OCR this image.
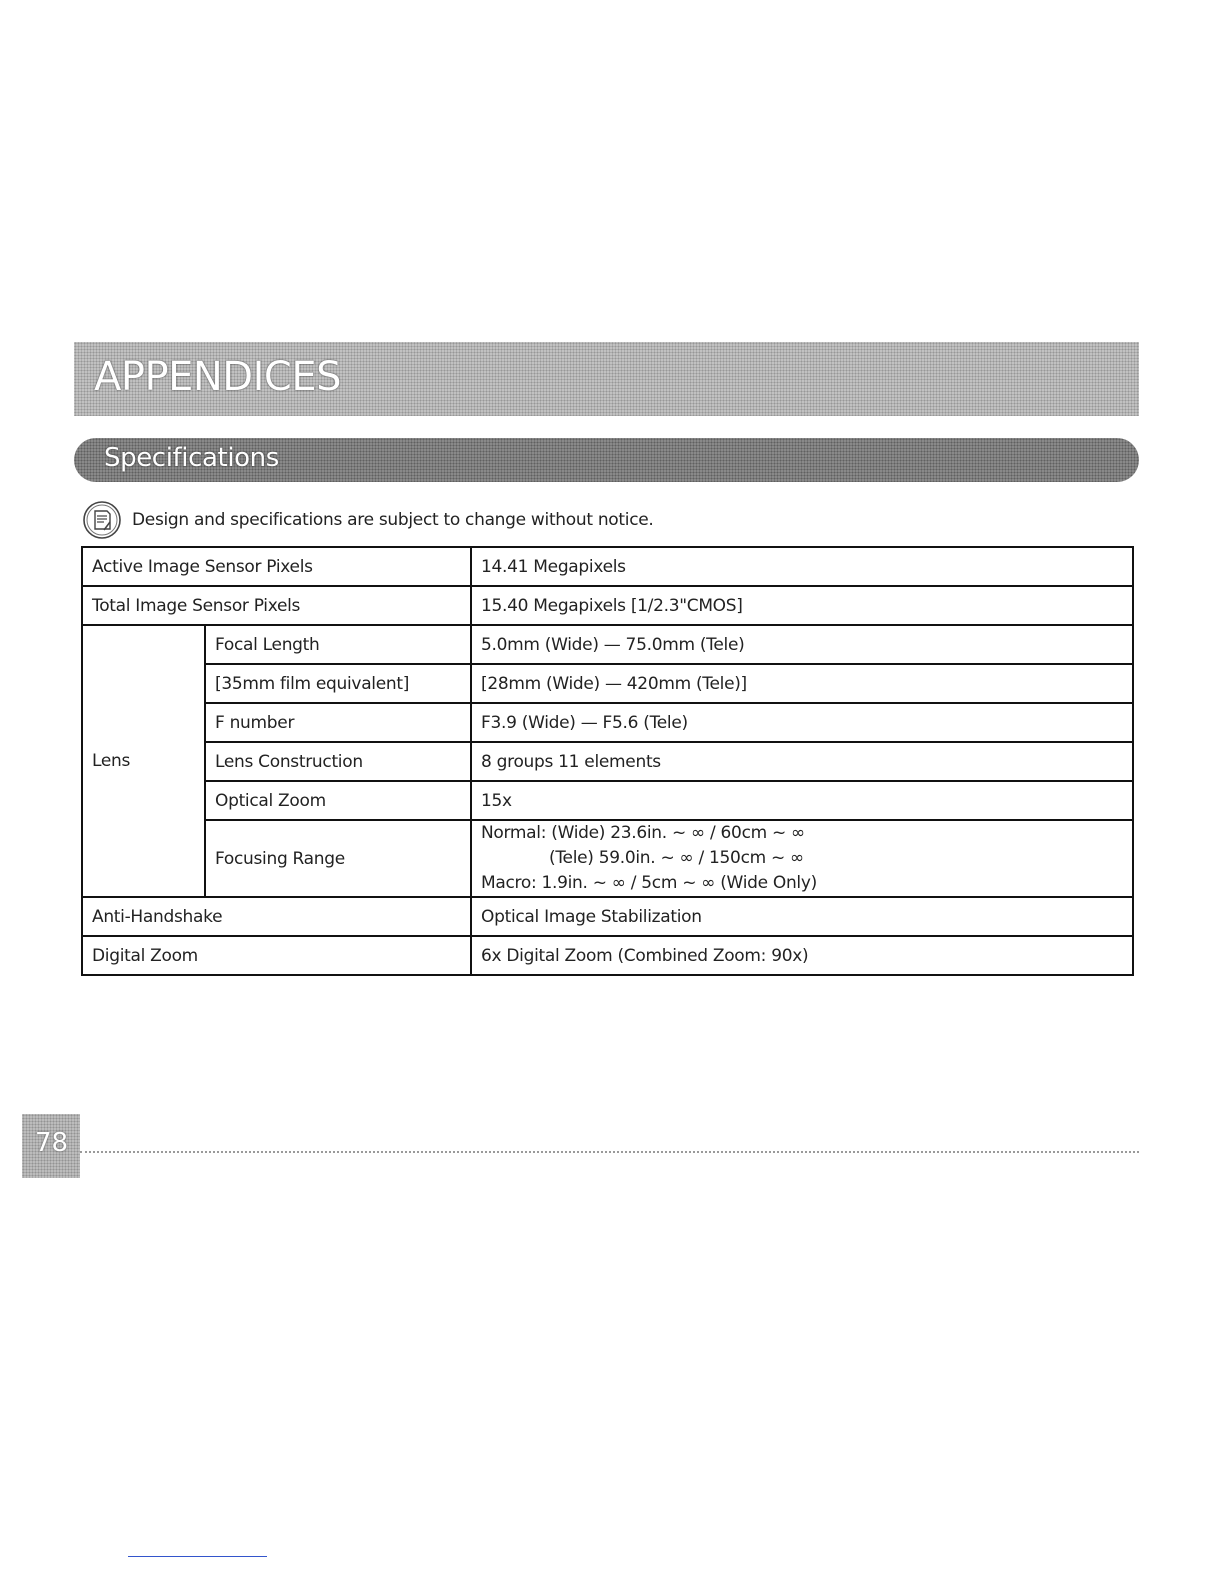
APPENDICES
Specifications
Design and specifications are subject to change without notice.
Active Image Sensor Pixels		14.41 Megapixels
Total Image Sensor Pixels		15.40 Megapixels [1/2.3"CMOS]
Lens	Focal Length	5.0mm (Wide) — 75.0mm (Tele)
	[35mm film equivalent]	[28mm (Wide) — 420mm (Tele)]
	F number	F3.9 (Wide) — F5.6 (Tele)
	Lens Construction	8 groups 11 elements
	Optical Zoom	15x
	Focusing Range	Normal: (Wide) 23.6in. ~ ∞ / 60cm ~ ∞
(Tele) 59.0in. ~ ∞ / 150cm ~ ∞
Macro: 1.9in. ~ ∞ / 5cm ~ ∞ (Wide Only)

Anti-Handshake		Optical Image Stabilization
Digital Zoom		6x Digital Zoom (Combined Zoom: 90x)
78
